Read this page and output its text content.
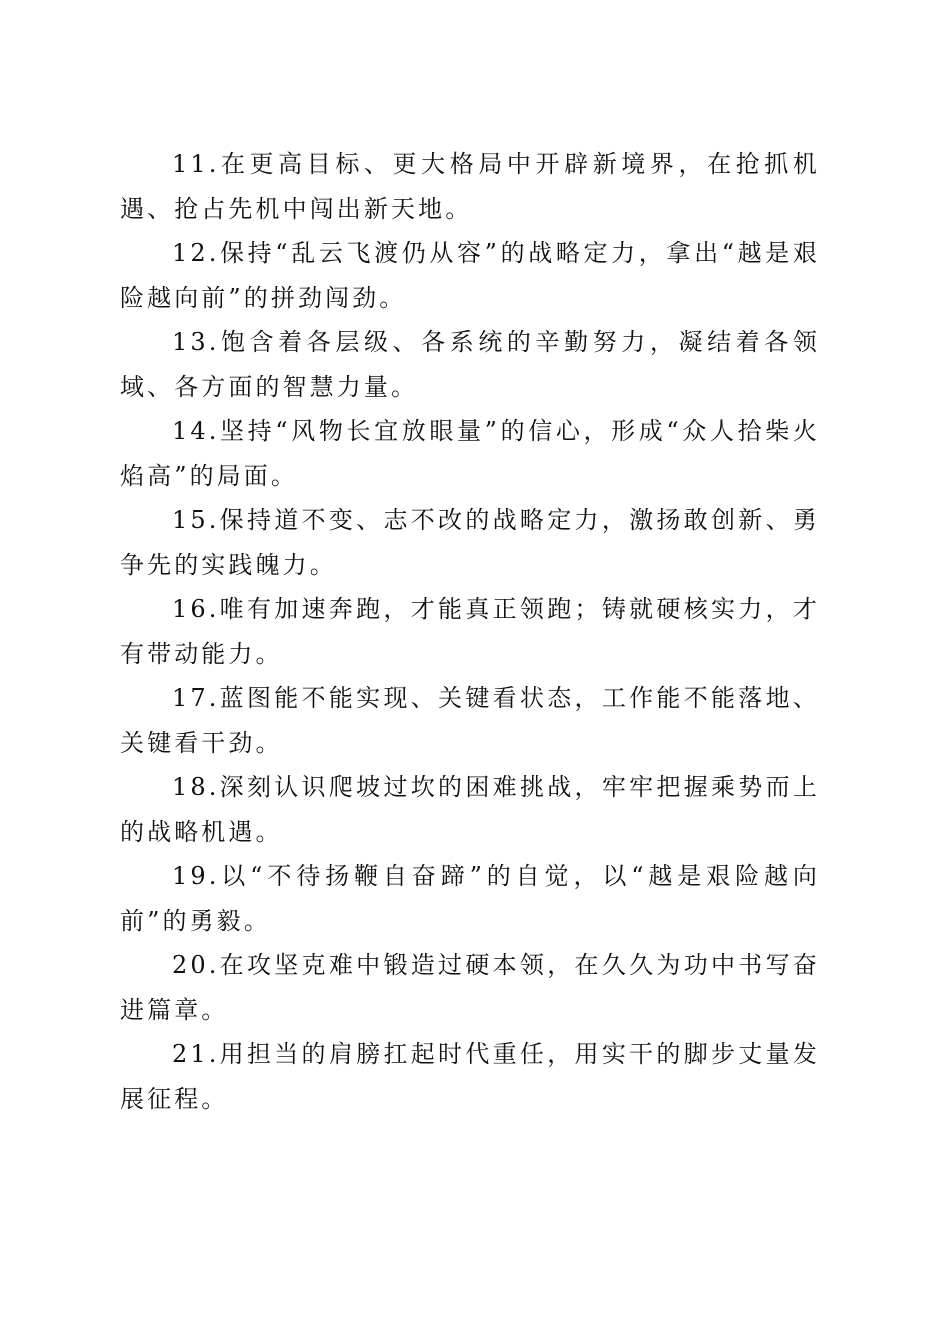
11.在更高目标、更大格局中开辟新境界，在抢抓机遇、抢占先机中闯出新天地。

12.保持“乱云飞渡仍从容”的战略定力，拿出“越是艰险越向前”的拼劲闯劲。

13.饱含着各层级、各系统的辛勤努力，凝结着各领域、各方面的智慧力量。

14.坚持“风物长宜放眼量”的信心，形成“众人拾柴火焰高”的局面。

15.保持道不变、志不改的战略定力，激扬敢创新、勇争先的实践魄力。

16.唯有加速奔跑，才能真正领跑；铸就硬核实力，才有带动能力。

17.蓝图能不能实现、关键看状态，工作能不能落地、关键看干劲。

18.深刻认识爬坡过坎的困难挑战，牢牢把握乘势而上的战略机遇。

19.以“不待扬鞭自奋蹄”的自觉，以“越是艰险越向前”的勇毅。

20.在攻坚克难中锻造过硬本领，在久久为功中书写奋进篇章。

21.用担当的肩膀扛起时代重任，用实干的脚步丈量发展征程。
